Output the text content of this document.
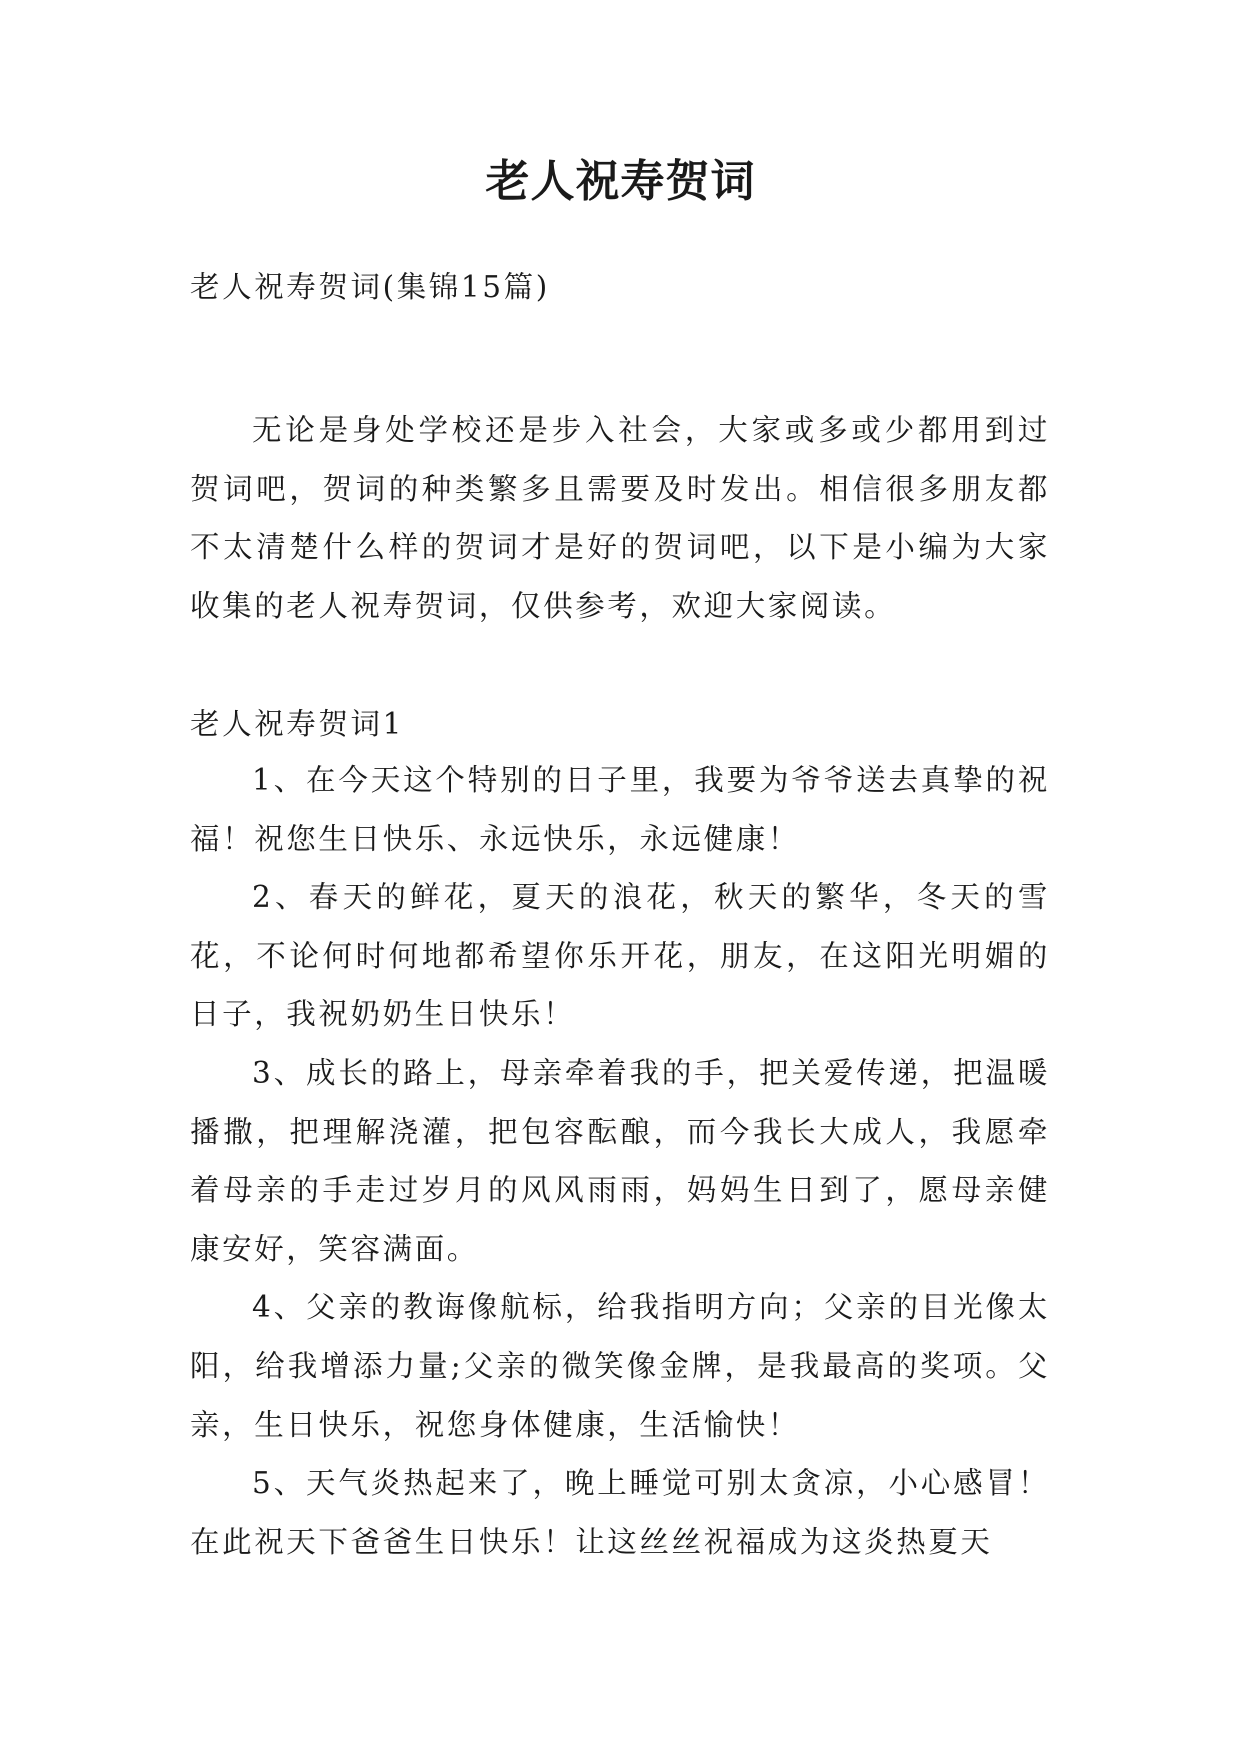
老人祝寿贺词

老人祝寿贺词(集锦15篇)

无论是身处学校还是步入社会，大家或多或少都用到过贺词吧，贺词的种类繁多且需要及时发出。相信很多朋友都不太清楚什么样的贺词才是好的贺词吧，以下是小编为大家收集的老人祝寿贺词，仅供参考，欢迎大家阅读。

老人祝寿贺词1

1、在今天这个特别的日子里，我要为爷爷送去真挚的祝福！祝您生日快乐、永远快乐，永远健康！

2、春天的鲜花，夏天的浪花，秋天的繁华，冬天的雪花，不论何时何地都希望你乐开花，朋友，在这阳光明媚的日子，我祝奶奶生日快乐！

3、成长的路上，母亲牵着我的手，把关爱传递，把温暖播撒，把理解浇灌，把包容酝酿，而今我长大成人，我愿牵着母亲的手走过岁月的风风雨雨，妈妈生日到了，愿母亲健康安好，笑容满面。

4、父亲的教诲像航标，给我指明方向；父亲的目光像太阳，给我增添力量;父亲的微笑像金牌，是我最高的奖项。父亲，生日快乐，祝您身体健康，生活愉快！

5、天气炎热起来了，晚上睡觉可别太贪凉，小心感冒！在此祝天下爸爸生日快乐！让这丝丝祝福成为这炎热夏天
